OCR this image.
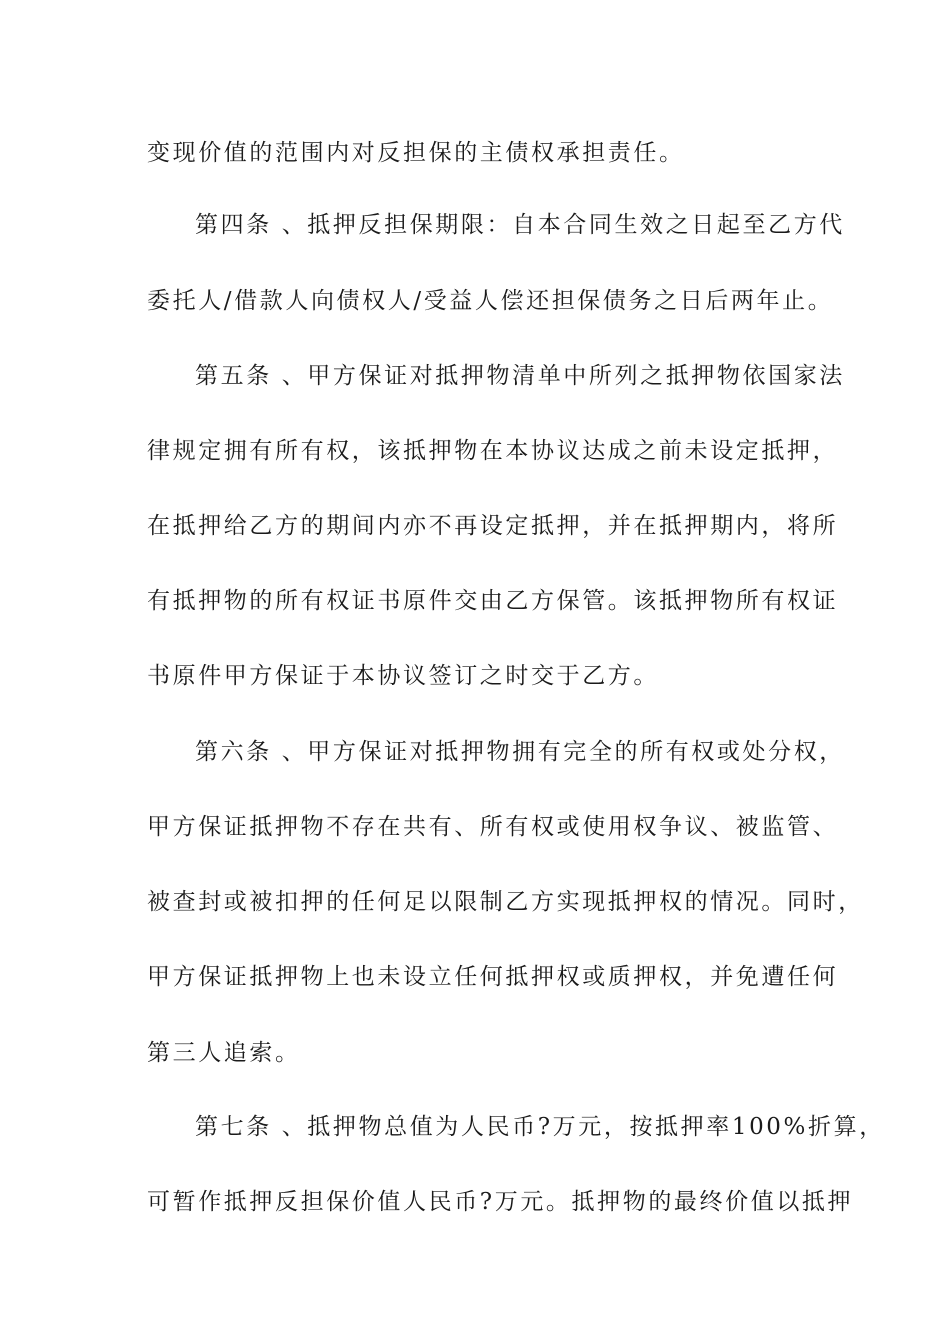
变现价值的范围内对反担保的主债权承担责任。
第四条 、抵押反担保期限：自本合同生效之日起至乙方代
委托人/借款人向债权人/受益人偿还担保债务之日后两年止。
第五条 、甲方保证对抵押物清单中所列之抵押物依国家法
律规定拥有所有权，该抵押物在本协议达成之前未设定抵押，
在抵押给乙方的期间内亦不再设定抵押，并在抵押期内，将所
有抵押物的所有权证书原件交由乙方保管。该抵押物所有权证
书原件甲方保证于本协议签订之时交于乙方。
第六条 、甲方保证对抵押物拥有完全的所有权或处分权，
甲方保证抵押物不存在共有、所有权或使用权争议、被监管、
被查封或被扣押的任何足以限制乙方实现抵押权的情况。同时，
甲方保证抵押物上也未设立任何抵押权或质押权，并免遭任何
第三人追索。
第七条 、抵押物总值为人民币?万元，按抵押率100%折算，
可暂作抵押反担保价值人民币?万元。抵押物的最终价值以抵押
